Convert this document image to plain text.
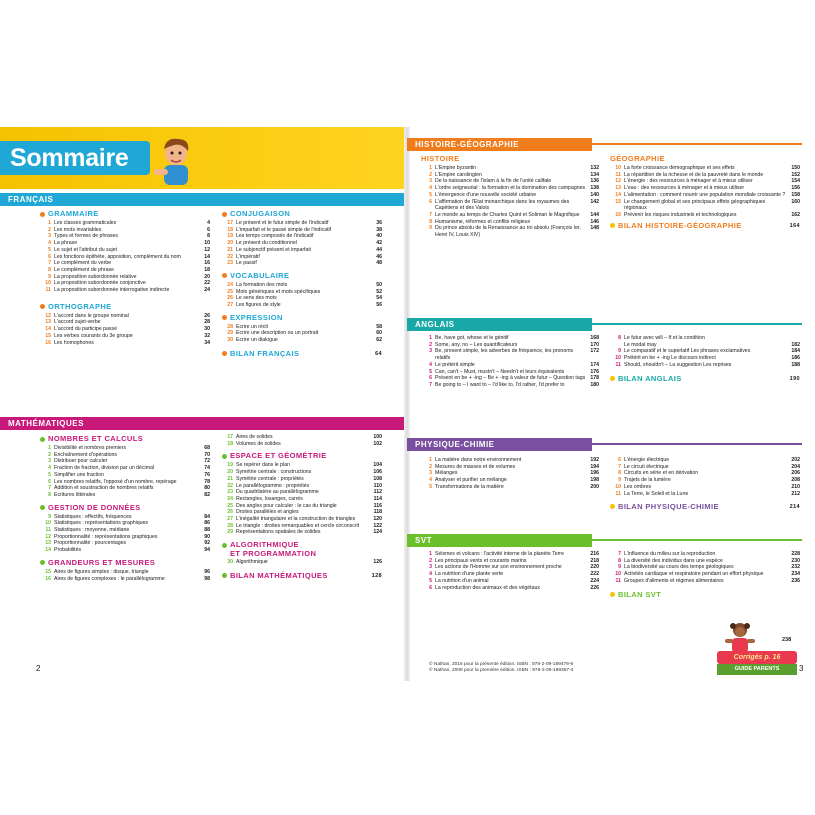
Sommaire
FRANÇAIS
GRAMMAIRE
1 Les classes grammaticales	4
2 Les mots invariables	6
3 Types et formes de phrases	8
4 La phrase	10
5 Le sujet et l'attribut du sujet	12
6 Les fonctions épithète, apposition, complément du nom	14
7 Le complément du verbe	16
8 Le complément de phrase	18
9 La proposition subordonnée relative	20
10 La proposition subordonnée conjonctive	22
11 La proposition subordonnée interrogative indirecte	24
ORTHOGRAPHE
12 L'accord dans le groupe nominal	26
13 L'accord sujet-verbe	28
14 L'accord du participe passé	30
15 Les verbes courants du 3e groupe	32
16 Les homophones	34
CONJUGAISON
17 Le présent et le futur simple de l'indicatif	36
18 L'imparfait et le passé simple de l'indicatif	38
19 Les temps composés de l'indicatif	40
20 Le présent du conditionnel	42
21 Le subjonctif présent et imparfait	44
22 L'impératif	46
23 Le passif	48
VOCABULAIRE
24 La formation des mots	50
25 Mots génériques et mots spécifiques	52
26 Le sens des mots	54
27 Les figures de style	56
EXPRESSION
28 Écrire un récit	58
29 Écrire une description ou un portrait	60
30 Écrire un dialogue	62
BILAN FRANÇAIS	64
MATHÉMATIQUES
NOMBRES ET CALCULS
1 Divisibilité et nombres premiers	68
2 Enchaînement d'opérations	70
3 Distribuer pour calculer	72
4 Fraction de fraction, division par un décimal	74
5 Simplifier une fraction	76
6 Les nombres relatifs, l'opposé d'un nombre, repérage	78
7 Addition et soustraction de nombres relatifs	80
8 Écritures littérales	82
GESTION DE DONNÉES
9 Statistiques : effectifs, fréquences	84
10 Statistiques : représentations graphiques	86
11 Statistiques : moyenne, médiane	88
12 Proportionnalité : représentations graphiques	90
13 Proportionnalité : pourcentages	92
14 Probabilités	94
GRANDEURS ET MESURES
15 Aires de figures simples : disque, triangle	96
16 Aires de figures complexes : le parallélogramme	98
17 Aires de solides	100
18 Volumes de solides	102
ESPACE ET GÉOMÉTRIE
19 Se repérer dans le plan	104
20 Symétrie centrale : constructions	106
21 Symétrie centrale : propriétés	108
22 Le parallélogramme : propriétés	110
23 Du quadrilatère au parallélogramme	112
24 Rectangles, losanges, carrés	114
25 Des angles pour calculer : le cas du triangle	116
26 Droites parallèles et angles	118
27 L'inégalité triangulaire et la construction de triangles	120
28 Le triangle : droites remarquables et cercle circonscrit	122
29 Représentations spatiales de solides	124
ALGORITHMIQUE
ET PROGRAMMATION
30 Algorithmique	126
BILAN MATHÉMATIQUES	128
2
HISTOIRE-GÉOGRAPHIE
HISTOIRE
1 L'Empire byzantin	132
2 L'Empire carolingien	134
3 De la naissance de l'islam à la fin de l'unité califale	136
4 L'ordre seigneurial : la formation et la domination des campagnes	138
5 L'émergence d'une nouvelle société urbaine	140
6 L'affirmation de l'État monarchique dans les royaumes des Capétiens et des Valois
142
7 Le monde au temps de Charles Quint et Soliman le Magnifique	144
8 Humanisme, réformes et conflits religieux	146
9 Du prince absolu de la Renaissance au roi absolu (François Ier, Henri IV, Louis XIV)
148
GÉOGRAPHIE
10 La forte croissance démographique et ses effets	150
11 La répartition de la richesse et de la pauvreté dans le monde	152
12 L'énergie : des ressources à ménager et à mieux utiliser	154
13 L'eau : des ressources à ménager et à mieux utiliser	156
14 L'alimentation : comment nourrir une population mondiale croissante ?	158
15 Le changement global et ses principaux effets géographiques régionaux
160
16 Prévenir les risques industriels et technologiques	162
BILAN HISTOIRE-GÉOGRAPHIE	164
ANGLAIS
1 Be, have got, whose et le génitif	168
2 Some, any, no – Les quantificateurs	170
3 Be, present simple, les adverbes de fréquence, les pronoms relatifs
172
4 Le prétérit simple	174
5 Can, can't – Must, mustn't – Needn't et leurs équivalents	176
6 Présent en be + -ing – Be + -ing à valeur de futur – Question tags 178
7 Be going to – I want to – I'd like to, I'd rather, I'd prefer to	180
8 Le futur avec will – If et la condition
Le modal may	182
9 Le comparatif et le superlatif Les phrases exclamatives	184
10 Prétérit en be + -ing Le discours indirect	186
11 Should, shouldn't – La suggestion Les reprises	188
BILAN ANGLAIS	190
PHYSIQUE-CHIMIE
1 La matière dans notre environnement	192
2 Mesures de masses et de volumes	194
3 Mélanges	196
4 Analyser et purifier un mélange	198
5 Transformations de la matière	200
6 L'énergie électrique	202
7 Le circuit électrique	204
8 Circuits en série et en dérivation	206
9 Trajets de la lumière	208
10 Les ombres	210
11 La Terre, le Soleil et la Lune	212
BILAN PHYSIQUE-CHIMIE	214
SVT
1 Séismes et volcans : l'activité interne de la planète Terre	216
2 Les principaux vents et courants marins	218
3 Les actions de l'Homme sur son environnement proche	220
4 La nutrition d'une plante verte	222
5 La nutrition d'un animal	224
6 La reproduction des animaux et des végétaux	226
7 L'influence du milieu sur la reproduction	228
8 La diversité des individus dans une espèce	230
9 La biodiversité au cours des temps géologiques	232
10 Activités cardiaque et respiratoire pendant un effort physique	234
11 Groupes d'aliments et régimes alimentaires	236
BILAN SVT
238
© Nathan, 2016 pour la présente édition. ISBN : 978-2-09-189479-9
© Nathan, 2008 pour la première édition. ISBN : 978-2-09-189367-4
Corrigés p. 16
GUIDE PARENTS	3
